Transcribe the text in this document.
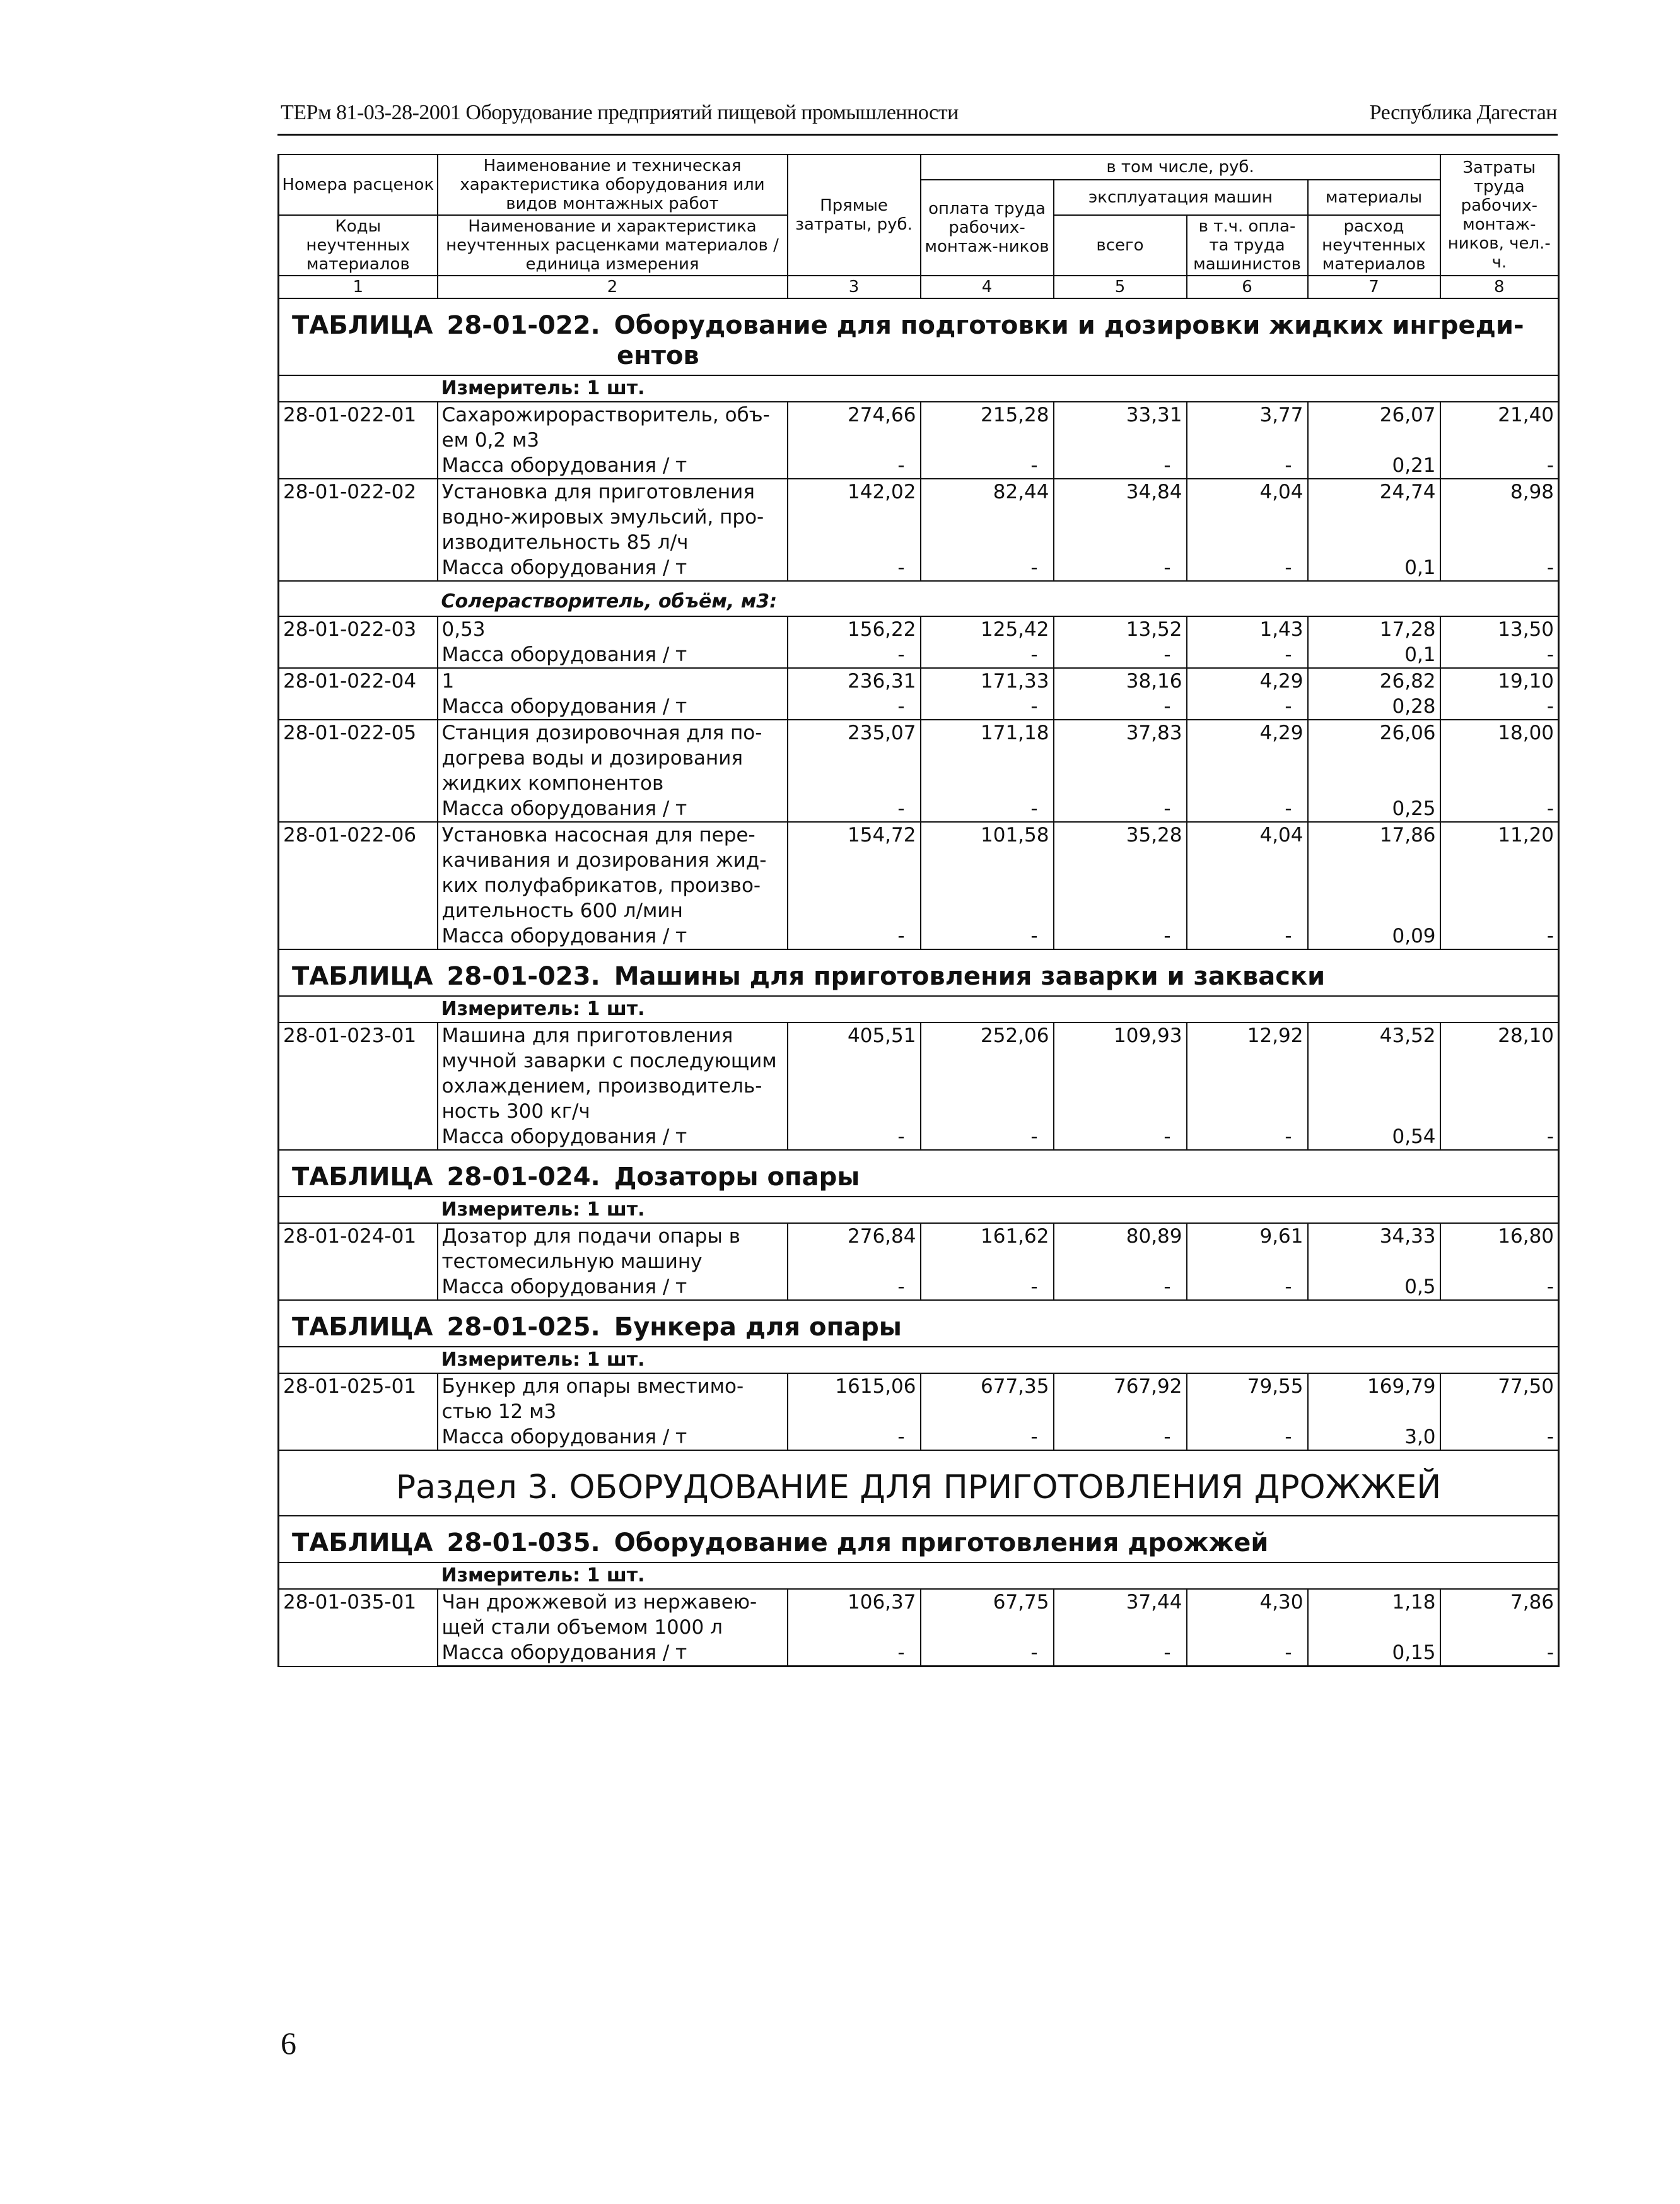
ТЕРм 81-03-28-2001 Оборудование предприятий пищевой промышленности	Республика Дагестан
Номера расценок	Наименование и техническая характеристика оборудования или видов монтажных работ	Прямые затраты, руб.	в том числе, руб.				Затраты труда рабочих-монтаж-ников, чел.-ч.
			оплата труда рабочих-монтаж-ников	эксплуатация машин		материалы	
Коды неучтенных материалов	Наименование и характеристика неучтенных расценками материалов / единица измерения			всего	в т.ч. опла-та труда машинистов	расход неучтенных материалов	

1	2	3	4	5	6	7	8
ТАБЛИЦА 28-01-022. Оборудование для подготовки и дозировки жидких ингреди-
ентов							
	Измеритель: 1 шт.						
28-01-022-01	Сахарожирорастворитель, объ-
ем 0,2 м3	274,66	215,28	33,31	3,77	26,07	21,40
	Масса оборудования / т	-	-	-	-	0,21	-
28-01-022-02	Установка для приготовления
водно-жировых эмульсий, про-
изводительность 85 л/ч	142,02	82,44	34,84	4,04	24,74	8,98
	Масса оборудования / т	-	-	-	-	0,1	-
	Солерастворитель, объём, м3:						
28-01-022-03	0,53	156,22	125,42	13,52	1,43	17,28	13,50
	Масса оборудования / т	-	-	-	-	0,1	-
28-01-022-04	1	236,31	171,33	38,16	4,29	26,82	19,10
	Масса оборудования / т	-	-	-	-	0,28	-
28-01-022-05	Станция дозировочная для по-
догрева воды и дозирования
жидких компонентов	235,07	171,18	37,83	4,29	26,06	18,00
	Масса оборудования / т	-	-	-	-	0,25	-
28-01-022-06	Установка насосная для пере-
качивания и дозирования жид-
ких полуфабрикатов, произво-
дительность 600 л/мин	154,72	101,58	35,28	4,04	17,86	11,20
	Масса оборудования / т	-	-	-	-	0,09	-
ТАБЛИЦА 28-01-023. Машины для приготовления заварки и закваски							
	Измеритель: 1 шт.						
28-01-023-01	Машина для приготовления
мучной заварки с последующим
охлаждением, производитель-
ность 300 кг/ч	405,51	252,06	109,93	12,92	43,52	28,10
	Масса оборудования / т	-	-	-	-	0,54	-
ТАБЛИЦА 28-01-024. Дозаторы опары							
	Измеритель: 1 шт.						
28-01-024-01	Дозатор для подачи опары в
тестомесильную машину	276,84	161,62	80,89	9,61	34,33	16,80
	Масса оборудования / т	-	-	-	-	0,5	-
ТАБЛИЦА 28-01-025. Бункера для опары							
	Измеритель: 1 шт.						
28-01-025-01	Бункер для опары вместимо-
стью 12 м3	1615,06	677,35	767,92	79,55	169,79	77,50
	Масса оборудования / т	-	-	-	-	3,0	-
Раздел 3. ОБОРУДОВАНИЕ ДЛЯ ПРИГОТОВЛЕНИЯ ДРОЖЖЕЙ							
ТАБЛИЦА 28-01-035. Оборудование для приготовления дрожжей							
	Измеритель: 1 шт.						
28-01-035-01	Чан дрожжевой из нержавею-
щей стали объемом 1000 л	106,37	67,75	37,44	4,30	1,18	7,86
	Масса оборудования / т	-	-	-	-	0,15	-
6
